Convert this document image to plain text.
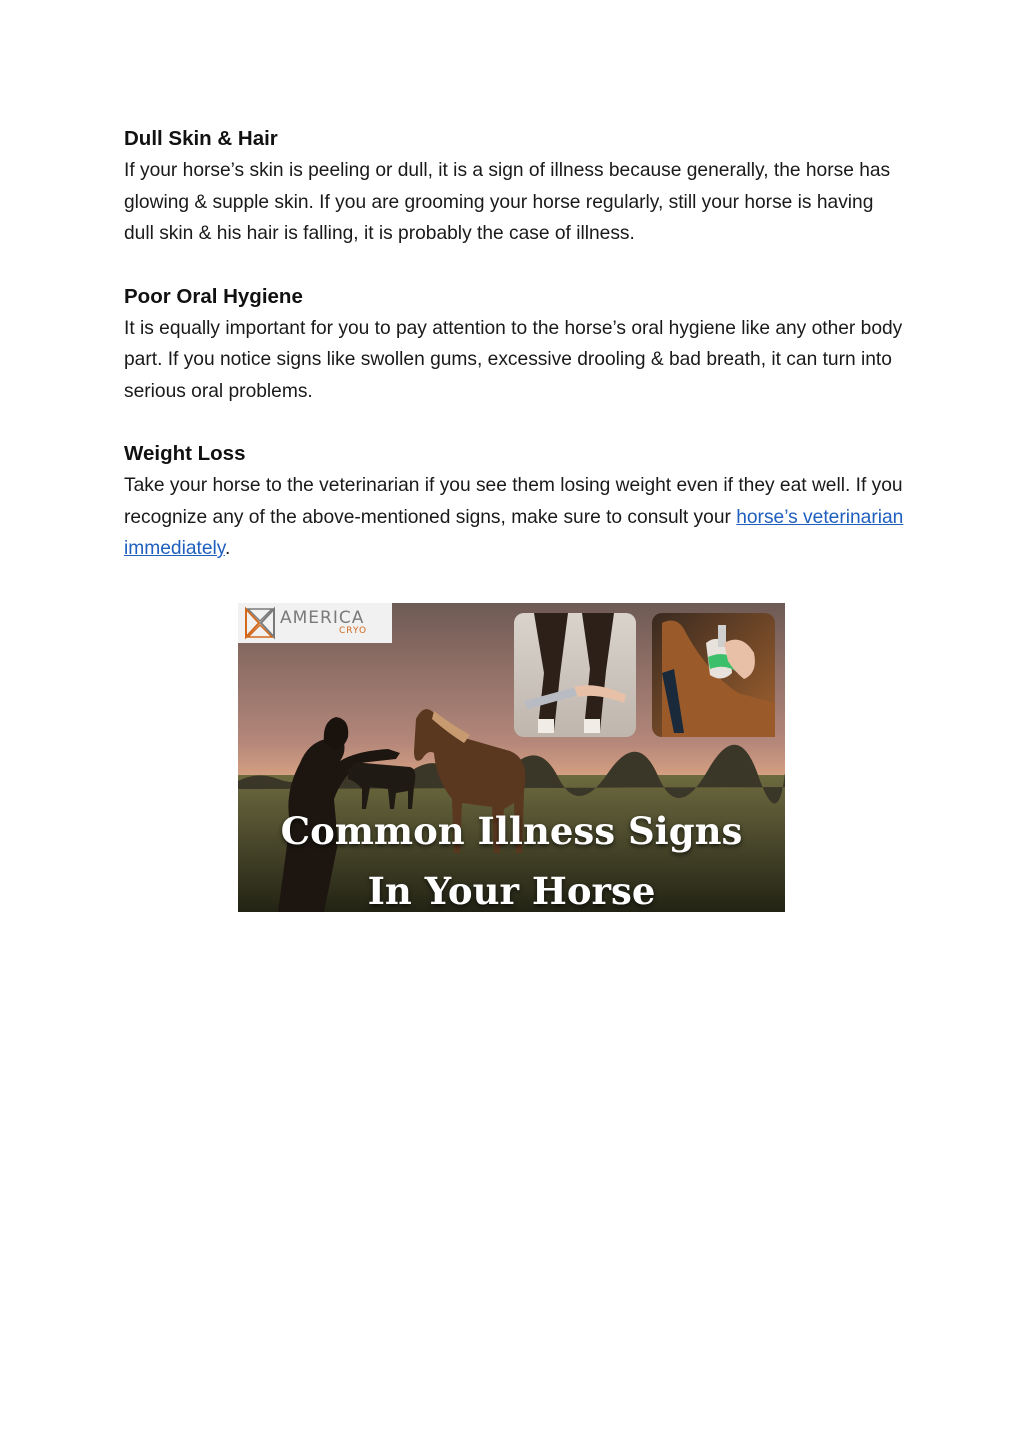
Dull Skin & Hair

If your horse’s skin is peeling or dull, it is a sign of illness because generally, the horse has glowing & supple skin. If you are grooming your horse regularly, still your horse is having dull skin & his hair is falling, it is probably the case of illness.

Poor Oral Hygiene

It is equally important for you to pay attention to the horse’s oral hygiene like any other body part. If you notice signs like swollen gums, excessive drooling & bad breath, it can turn into serious oral problems.

Weight Loss

Take your horse to the veterinarian if you see them losing weight even if they eat well. If you recognize any of the above-mentioned signs, make sure to consult your horse’s veterinarian immediately.

AMERICA
CRYO
Common Illness Signs
In Your Horse
